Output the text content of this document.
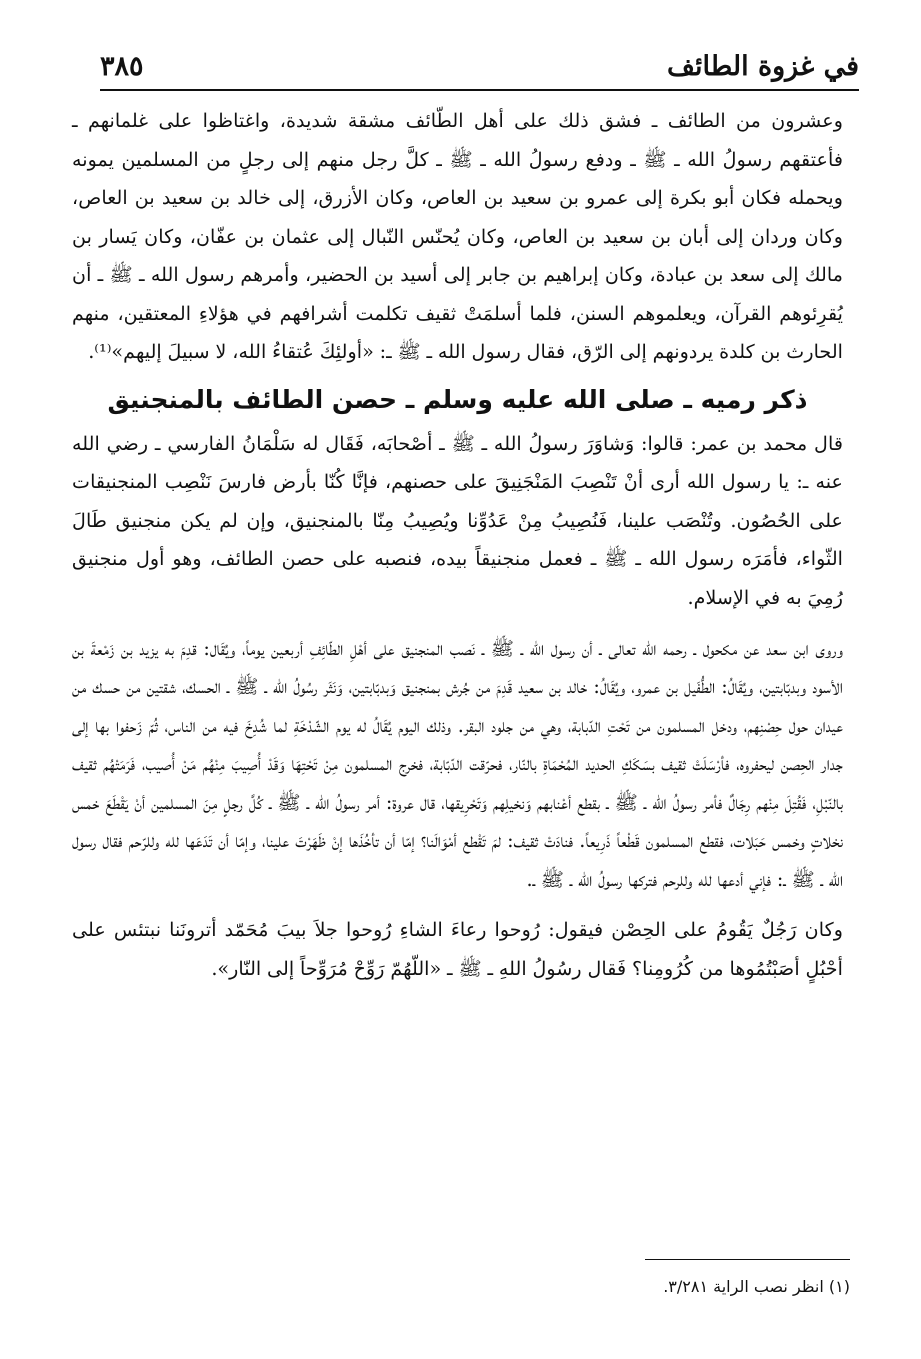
في غزوة الطائف
٣٨٥

وعشرون من الطائف ـ فشق ذلك على أهل الطّائف مشقة شديدة، واغتاظوا على غلمانهم ـ فأعتقهم رسولُ الله ـ ﷺ ـ ودفع رسولُ الله ـ ﷺ ـ كلَّ رجل منهم إلى رجلٍ من المسلمين يمونه ويحمله فكان أبو بكرة إلى عمرو بن سعيد بن العاص، وكان الأزرق، إلى خالد بن سعيد بن العاص، وكان وردان إلى أبان بن سعيد بن العاص، وكان يُحنّس النّبال إلى عثمان بن عفّان، وكان يَسار بن مالك إلى سعد بن عبادة، وكان إبراهيم بن جابر إلى أسيد بن الحضير، وأمرهم رسول الله ـ ﷺ ـ أن يُقرِئوهم القرآن، ويعلموهم السنن، فلما أسلمَتْ ثقيف تكلمت أشرافهم في هؤلاءِ المعتقين، منهم الحارث بن كلدة يردونهم إلى الرّق، فقال رسول الله ـ ﷺ ـ: «أولئِكَ عُتقاءُ الله، لا سبيلَ إليهم»⁽¹⁾.

ذكر رميه ـ صلى الله عليه وسلم ـ حصن الطائف بالمنجنيق

قال محمد بن عمر: قالوا: وَشاوَرَ رسولُ الله ـ ﷺ ـ أصْحابَه، فَقَال له سَلْمَانُ الفارسي ـ رضي الله عنه ـ: يا رسول الله أرى أنْ تَنْصِبَ المَنْجَنِيقَ على حصنهم، فإنَّا كُنّا بأرض فارسَ نَنْصِب المنجنيقات على الحُصُون. وتُنْصَب علينا، فَنُصِيبُ مِنْ عَدُوِّنا ويُصِيبُ مِنّا بالمنجنيق، وإن لم يكن منجنيق طَالَ الثّواء، فأمَرَه رسول الله ـ ﷺ ـ فعمل منجنيقاً بيده، فنصبه على حصن الطائف، وهو أول منجنيق رُمِيَ به في الإسلام.

وروى ابن سعد عن مكحول ـ رحمه الله تعالى ـ أن رسول الله ـ ﷺ ـ نَصب المنجنيق على أهْلِ الطّائِفِ أربعين يوماً، ويُقَال: قدِمَ به يزيد بن زَمْعةَ بن الأسود وبدبّابتين، ويُقَالُ: الطُّفَيل بن عمرو، ويُقَالُ: خالد بن سعيد قَدِمَ من جُرش بمنجنيق وَبدبّابتين، وَنَثَر رسُولُ الله ـ ﷺ ـ الحسك، شقتين من حسك من عيدان حول حِصْنِهم، ودخل المسلمون من تَحْتِ الدّبابة، وهي من جلود البقر. وذلك اليوم يُقَالُ له يوم الشّدْخَةِ لما شُدِخَ فيه من الناس، ثُمّ زَحفوا بها إلى جدار الحِصن ليحفروه، فأرْسَلَتْ ثقيف بسَكَكِ الحديد المُحْمَاةِ بالنّار، فحرّقت الدّبّابة، فخرج المسلمون مِنْ تَحْتِهَا وَقَدْ أُصِيبَ مِنْهُم مَنْ أُصيب، فَرَمَتْهُم ثقيف بالنّبْلِ، فَقُتِلَ مِنْهم رِجَالٌ فأمر رسولُ الله ـ ﷺ ـ بقطع أعْنابهم وَنخيلِهم وَتَحْرِيقها، قال عروة: أمر رسولُ الله ـ ﷺ ـ كُلَّ رجلٍ مِنَ المسلمين أنْ يَقْطَعَ خمس نخلاتٍ وخمس حَبَلات، فقطع المسلمون قَطْعاً ذَرِيعاً. فنادَتْ ثقيف: لمَ تَقْطع أمْوَالَنا؟ إمّا أن تأخُذَها إنْ ظَهَرْتَ علينا، وإمّا أن تَدَعَها لله وللرّحم فقال رسول الله ـ ﷺ ـ: فإني أدعها لله وللرحم فتركها رسولُ الله ـ ﷺ ـ.

وكان رَجُلٌ يَقُومُ على الحِصْن فيقول: رُوحوا رعاءَ الشاءِ رُوحوا جلاَ بيبَ مُحَمّد أترونَنا نبتئس على أحْبُلٍ أصَبْتُمُوها من كُرُومِنا؟ فَقال رسُولُ اللهِ ـ ﷺ ـ «اللّهُمّ رَوِّحْ مُرَوِّحاً إلى النّار».

(١) انظر نصب الراية ٣/٢٨١.
